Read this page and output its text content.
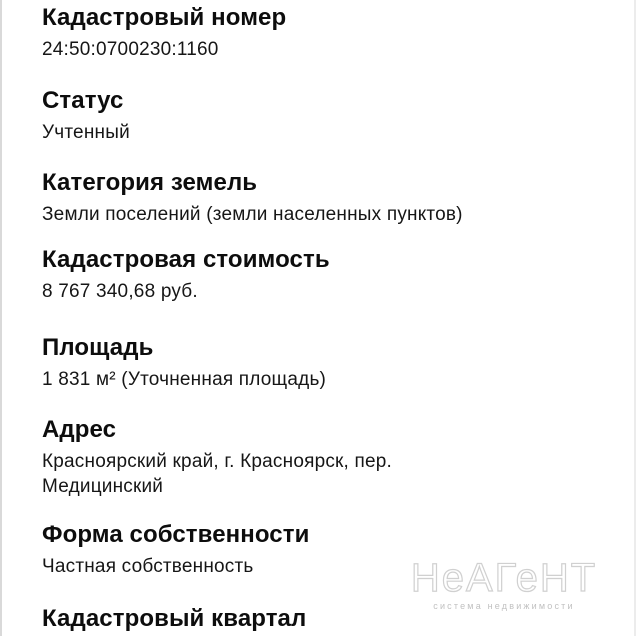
Кадастровый номер
24:50:0700230:1160
Статус
Учтенный
Категория земель
Земли поселений (земли населенных пунктов)
Кадастровая стоимость
8 767 340,68 руб.
Площадь
1 831 м² (Уточненная площадь)
Адрес
Красноярский край, г. Красноярск, пер.
Медицинский
Форма собственности
Частная собственность
Кадастровый квартал
НеАГеНТ
система недвижимости
